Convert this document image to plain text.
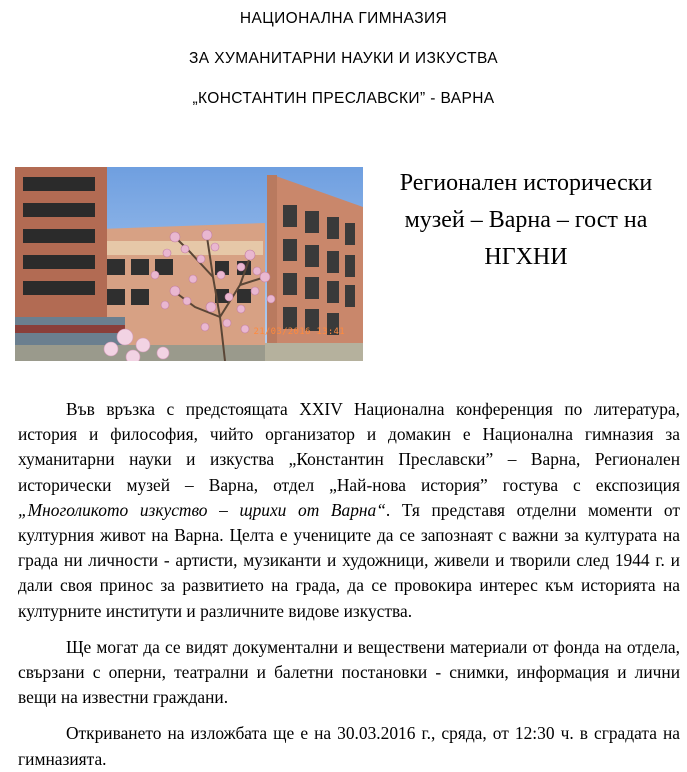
НАЦИОНАЛНА ГИМНАЗИЯ
ЗА ХУМАНИТАРНИ НАУКИ И ИЗКУСТВА
„КОНСТАНТИН ПРЕСЛАВСКИ” - ВАРНА
21/03/2016 13:41
Регионален исторически музей – Варна – гост на НГХНИ

Във връзка с предстоящата XXIV Национална конференция по литература, история и философия, чийто организатор и домакин е Национална гимназия за хуманитарни науки и изкуства „Константин Преславски” – Варна, Регионален исторически музей – Варна, отдел „Най-нова история” гостува с експозиция „Многоликото изкуство – щрихи от Варна“. Тя представя отделни моменти от културния живот на Варна. Целта е учениците да се запознаят с важни за културата на града ни личности - артисти, музиканти и художници, живели и творили след 1944 г. и дали своя принос за развитието на града, да се провокира интерес към историята на културните институти и различните видове изкуства.

Ще могат да се видят документални и веществени материали от фонда на отдела, свързани с оперни, театрални и балетни постановки - снимки, информация и лични вещи на известни граждани.

Откриването на изложбата ще е на 30.03.2016 г., сряда, от 12:30 ч. в сградата на гимназията.
